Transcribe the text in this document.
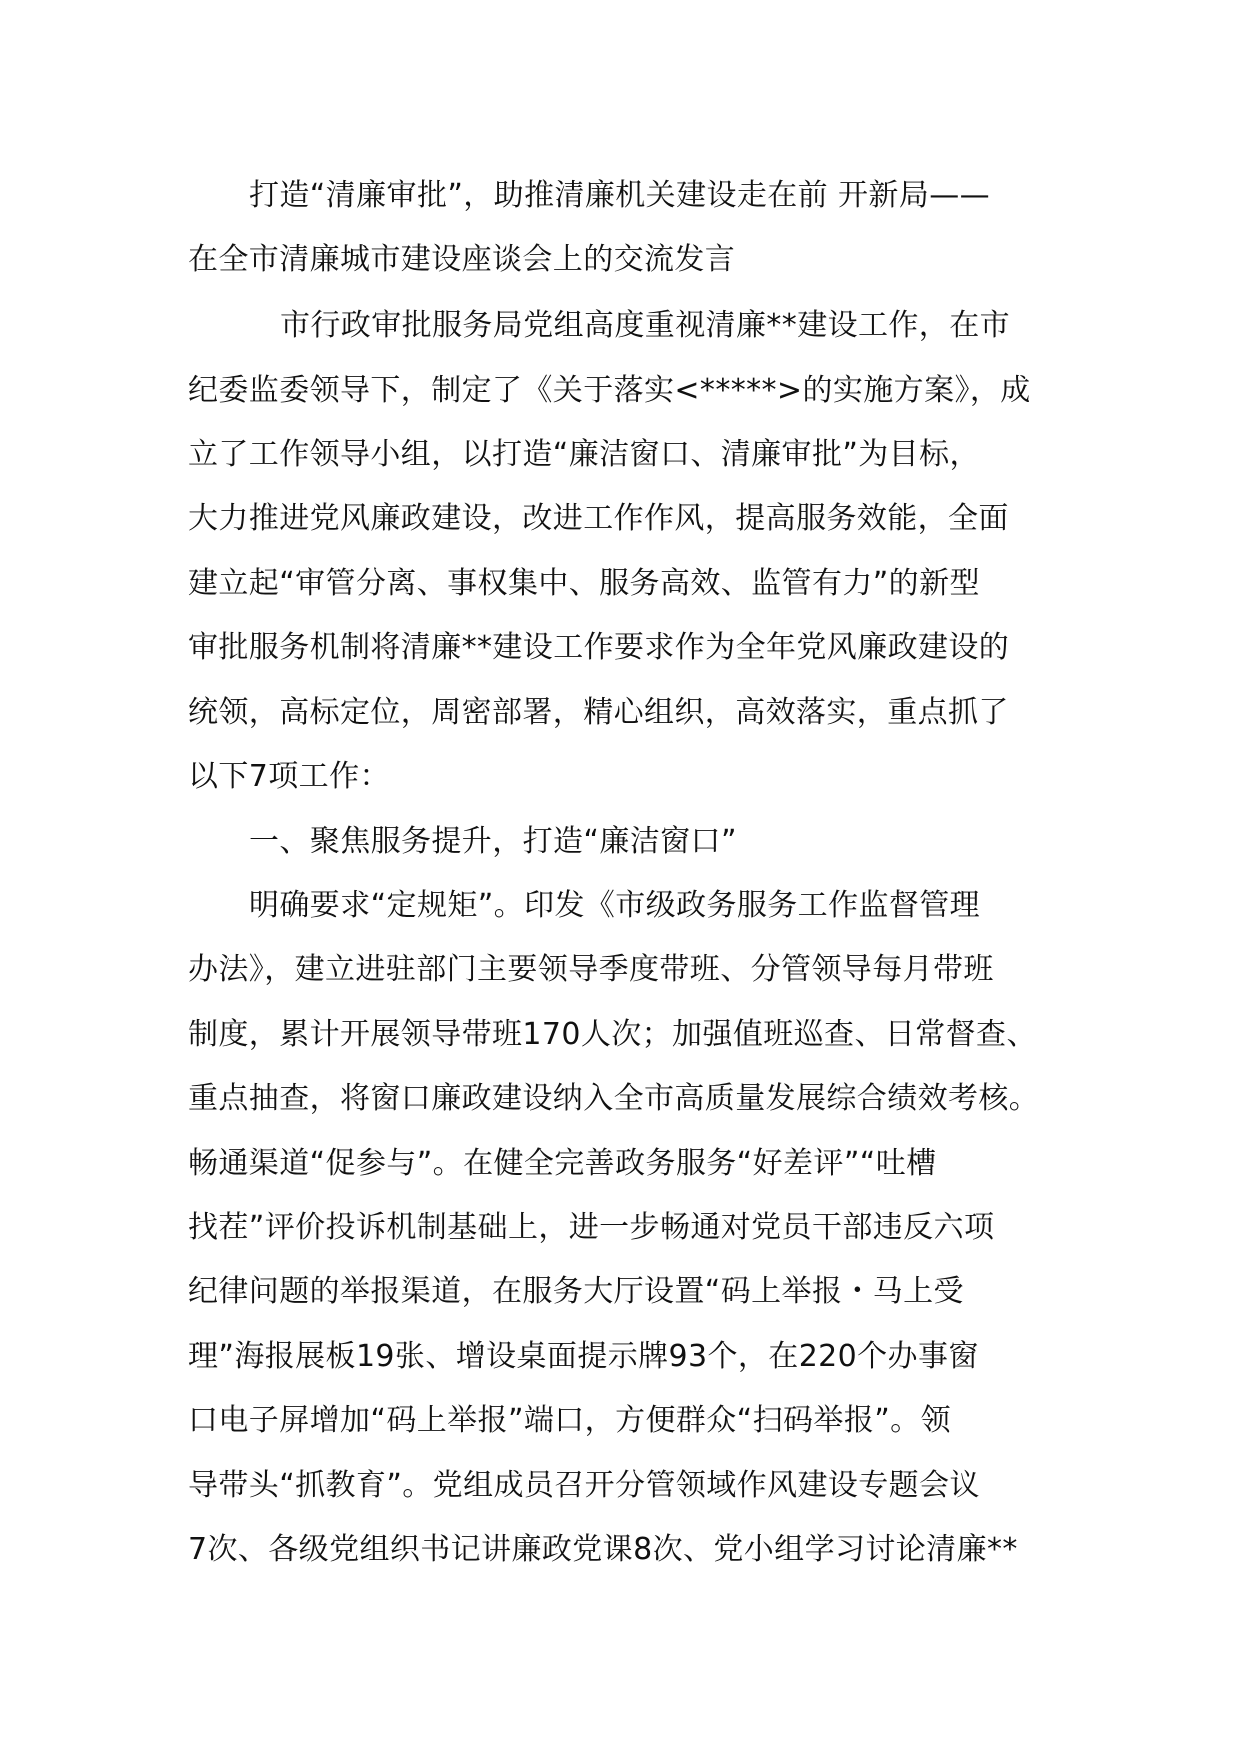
打造“清廉审批”，助推清廉机关建设走在前 开新局——
在全市清廉城市建设座谈会上的交流发言
市行政审批服务局党组高度重视清廉**建设工作，在市
纪委监委领导下，制定了《关于落实<*****>的实施方案》，成
立了工作领导小组，以打造“廉洁窗口、清廉审批”为目标，
大力推进党风廉政建设，改进工作作风，提高服务效能，全面
建立起“审管分离、事权集中、服务高效、监管有力”的新型
审批服务机制将清廉**建设工作要求作为全年党风廉政建设的
统领，高标定位，周密部署，精心组织，高效落实，重点抓了
以下7项工作：
一、聚焦服务提升，打造“廉洁窗口”
明确要求“定规矩”。印发《市级政务服务工作监督管理
办法》，建立进驻部门主要领导季度带班、分管领导每月带班
制度，累计开展领导带班170人次；加强值班巡查、日常督查、
重点抽查，将窗口廉政建设纳入全市高质量发展综合绩效考核。
畅通渠道“促参与”。在健全完善政务服务“好差评”“吐槽
找茬”评价投诉机制基础上，进一步畅通对党员干部违反六项
纪律问题的举报渠道，在服务大厅设置“码上举报・马上受
理”海报展板19张、增设桌面提示牌93个，在220个办事窗
口电子屏增加“码上举报”端口，方便群众“扫码举报”。领
导带头“抓教育”。党组成员召开分管领域作风建设专题会议
7次、各级党组织书记讲廉政党课8次、党小组学习讨论清廉**
